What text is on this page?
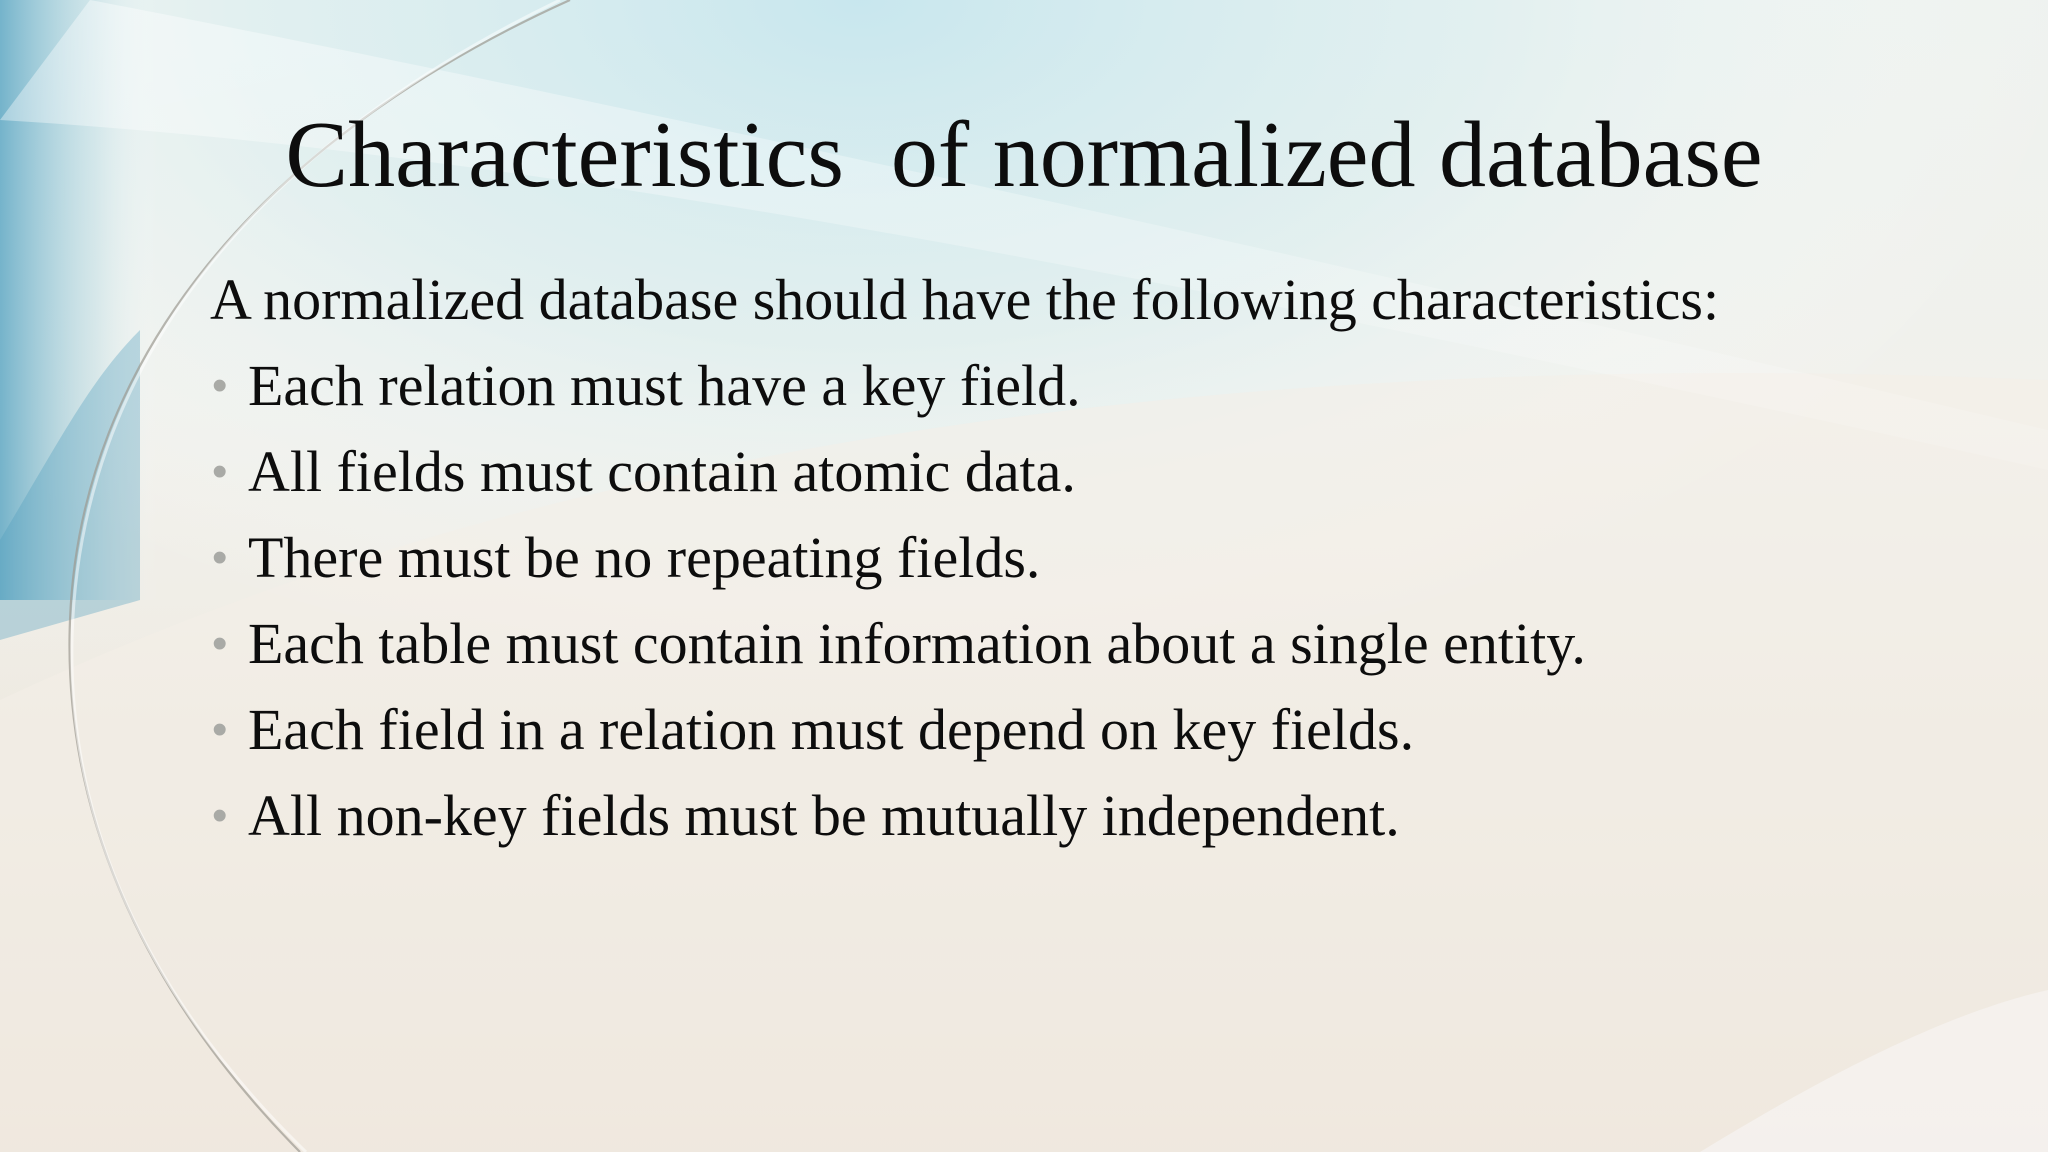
Characteristics  of normalized database
A normalized database should have the following characteristics:
• Each relation must have a key field.
• All fields must contain atomic data.
• There must be no repeating fields.
• Each table must contain information about a single entity.
• Each field in a relation must depend on key fields.
• All non-key fields must be mutually independent.
